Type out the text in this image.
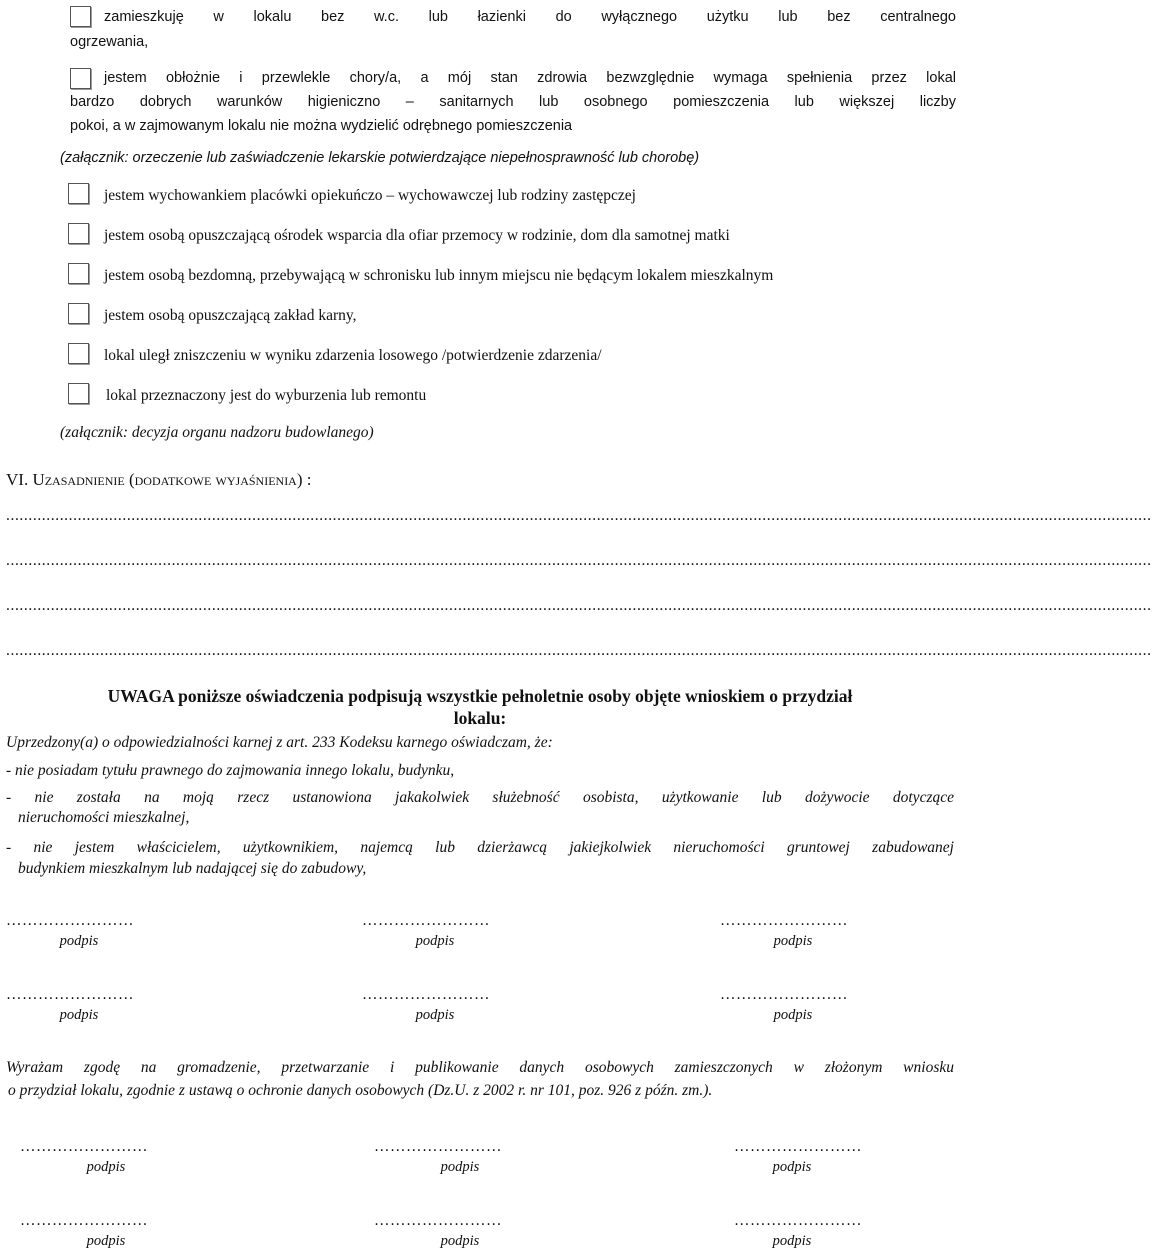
zamieszkuję w lokalu bez w.c. lub łazienki do wyłącznego użytku lub bez centralnego
ogrzewania,
jestem obłożnie i przewlekle chory/a, a mój stan zdrowia bezwzględnie wymaga spełnienia przez lokal
bardzo dobrych warunków higieniczno – sanitarnych lub osobnego pomieszczenia lub większej liczby
pokoi, a w zajmowanym lokalu nie można wydzielić odrębnego pomieszczenia
(załącznik: orzeczenie lub zaświadczenie lekarskie potwierdzające niepełnosprawność lub chorobę)
jestem wychowankiem placówki opiekuńczo – wychowawczej lub rodziny zastępczej
jestem osobą opuszczającą ośrodek wsparcia dla ofiar przemocy w rodzinie, dom dla samotnej matki
jestem osobą bezdomną, przebywającą w schronisku lub innym miejscu nie będącym lokalem mieszkalnym
jestem osobą opuszczającą zakład karny,
lokal uległ zniszczeniu w wyniku zdarzenia losowego /potwierdzenie zdarzenia/
lokal przeznaczony jest do wyburzenia lub remontu
(załącznik: decyzja organu nadzoru budowlanego)
VI. Uzasadnienie (dodatkowe wyjaśnienia) :
................................................................................................................................................................................................................................................................
................................................................................................................................................................................................................................................................
................................................................................................................................................................................................................................................................
................................................................................................................................................................................................................................................................
UWAGA poniższe oświadczenia podpisują wszystkie pełnoletnie osoby objęte wnioskiem o przydział
lokalu:
Uprzedzony(a) o odpowiedzialności karnej z art. 233 Kodeksu karnego oświadczam, że:
- nie posiadam tytułu prawnego do zajmowania innego lokalu, budynku,
- nie została na moją rzecz ustanowiona jakakolwiek służebność osobista, użytkowanie lub dożywocie dotyczące
nieruchomości mieszkalnej,
- nie jestem właścicielem, użytkownikiem, najemcą lub dzierżawcą jakiejkolwiek nieruchomości gruntowej zabudowanej
budynkiem mieszkalnym lub nadającej się do zabudowy,
……………………
podpis
……………………
podpis
……………………
podpis
……………………
podpis
……………………
podpis
……………………
podpis
Wyrażam zgodę na gromadzenie, przetwarzanie i publikowanie danych osobowych zamieszczonych w złożonym wniosku
o przydział lokalu, zgodnie z ustawą o ochronie danych osobowych (Dz.U. z 2002 r. nr 101, poz. 926 z późn. zm.).
……………………
podpis
……………………
podpis
……………………
podpis
……………………
podpis
……………………
podpis
……………………
podpis
